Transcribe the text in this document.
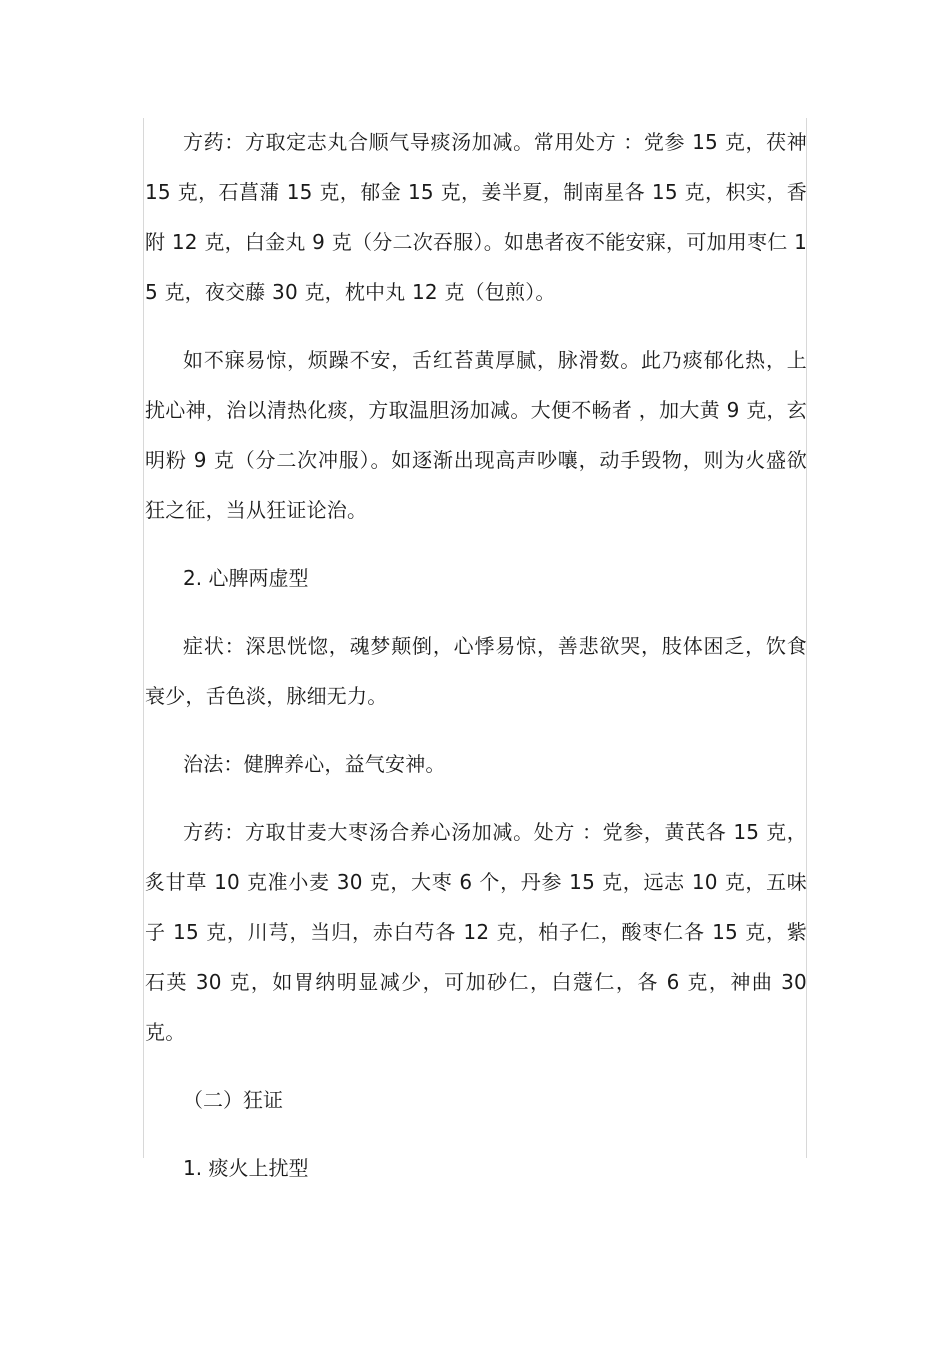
方药：方取定志丸合顺气导痰汤加减。常用处方 ：党参 15 克，茯神 15 克，石菖蒲 15 克，郁金 15 克，姜半夏，制南星各 15 克，枳实，香附 12 克，白金丸 9 克（分二次吞服）。如患者夜不能安寐，可加用枣仁 15 克，夜交藤 30 克，枕中丸 12 克（包煎）。

如不寐易惊，烦躁不安，舌红苔黄厚腻，脉滑数。此乃痰郁化热，上扰心神，治以清热化痰，方取温胆汤加减。大便不畅者 ，加大黄 9 克，玄明粉 9 克（分二次冲服）。如逐渐出现高声吵嚷，动手毁物，则为火盛欲狂之征，当从狂证论治。

2. 心脾两虚型

症状：深思恍惚，魂梦颠倒，心悸易惊，善悲欲哭，肢体困乏，饮食衰少，舌色淡，脉细无力。

治法：健脾养心，益气安神。

方药：方取甘麦大枣汤合养心汤加减。处方 ：党参，黄芪各 15 克，炙甘草 10 克准小麦 30 克，大枣 6 个，丹参 15 克，远志 10 克，五味子 15 克，川芎，当归，赤白芍各 12 克，柏子仁，酸枣仁各 15 克，紫石英 30 克，如胃纳明显减少，可加砂仁，白蔻仁，各 6 克，神曲 30 克。

（二）狂证

1. 痰火上扰型
